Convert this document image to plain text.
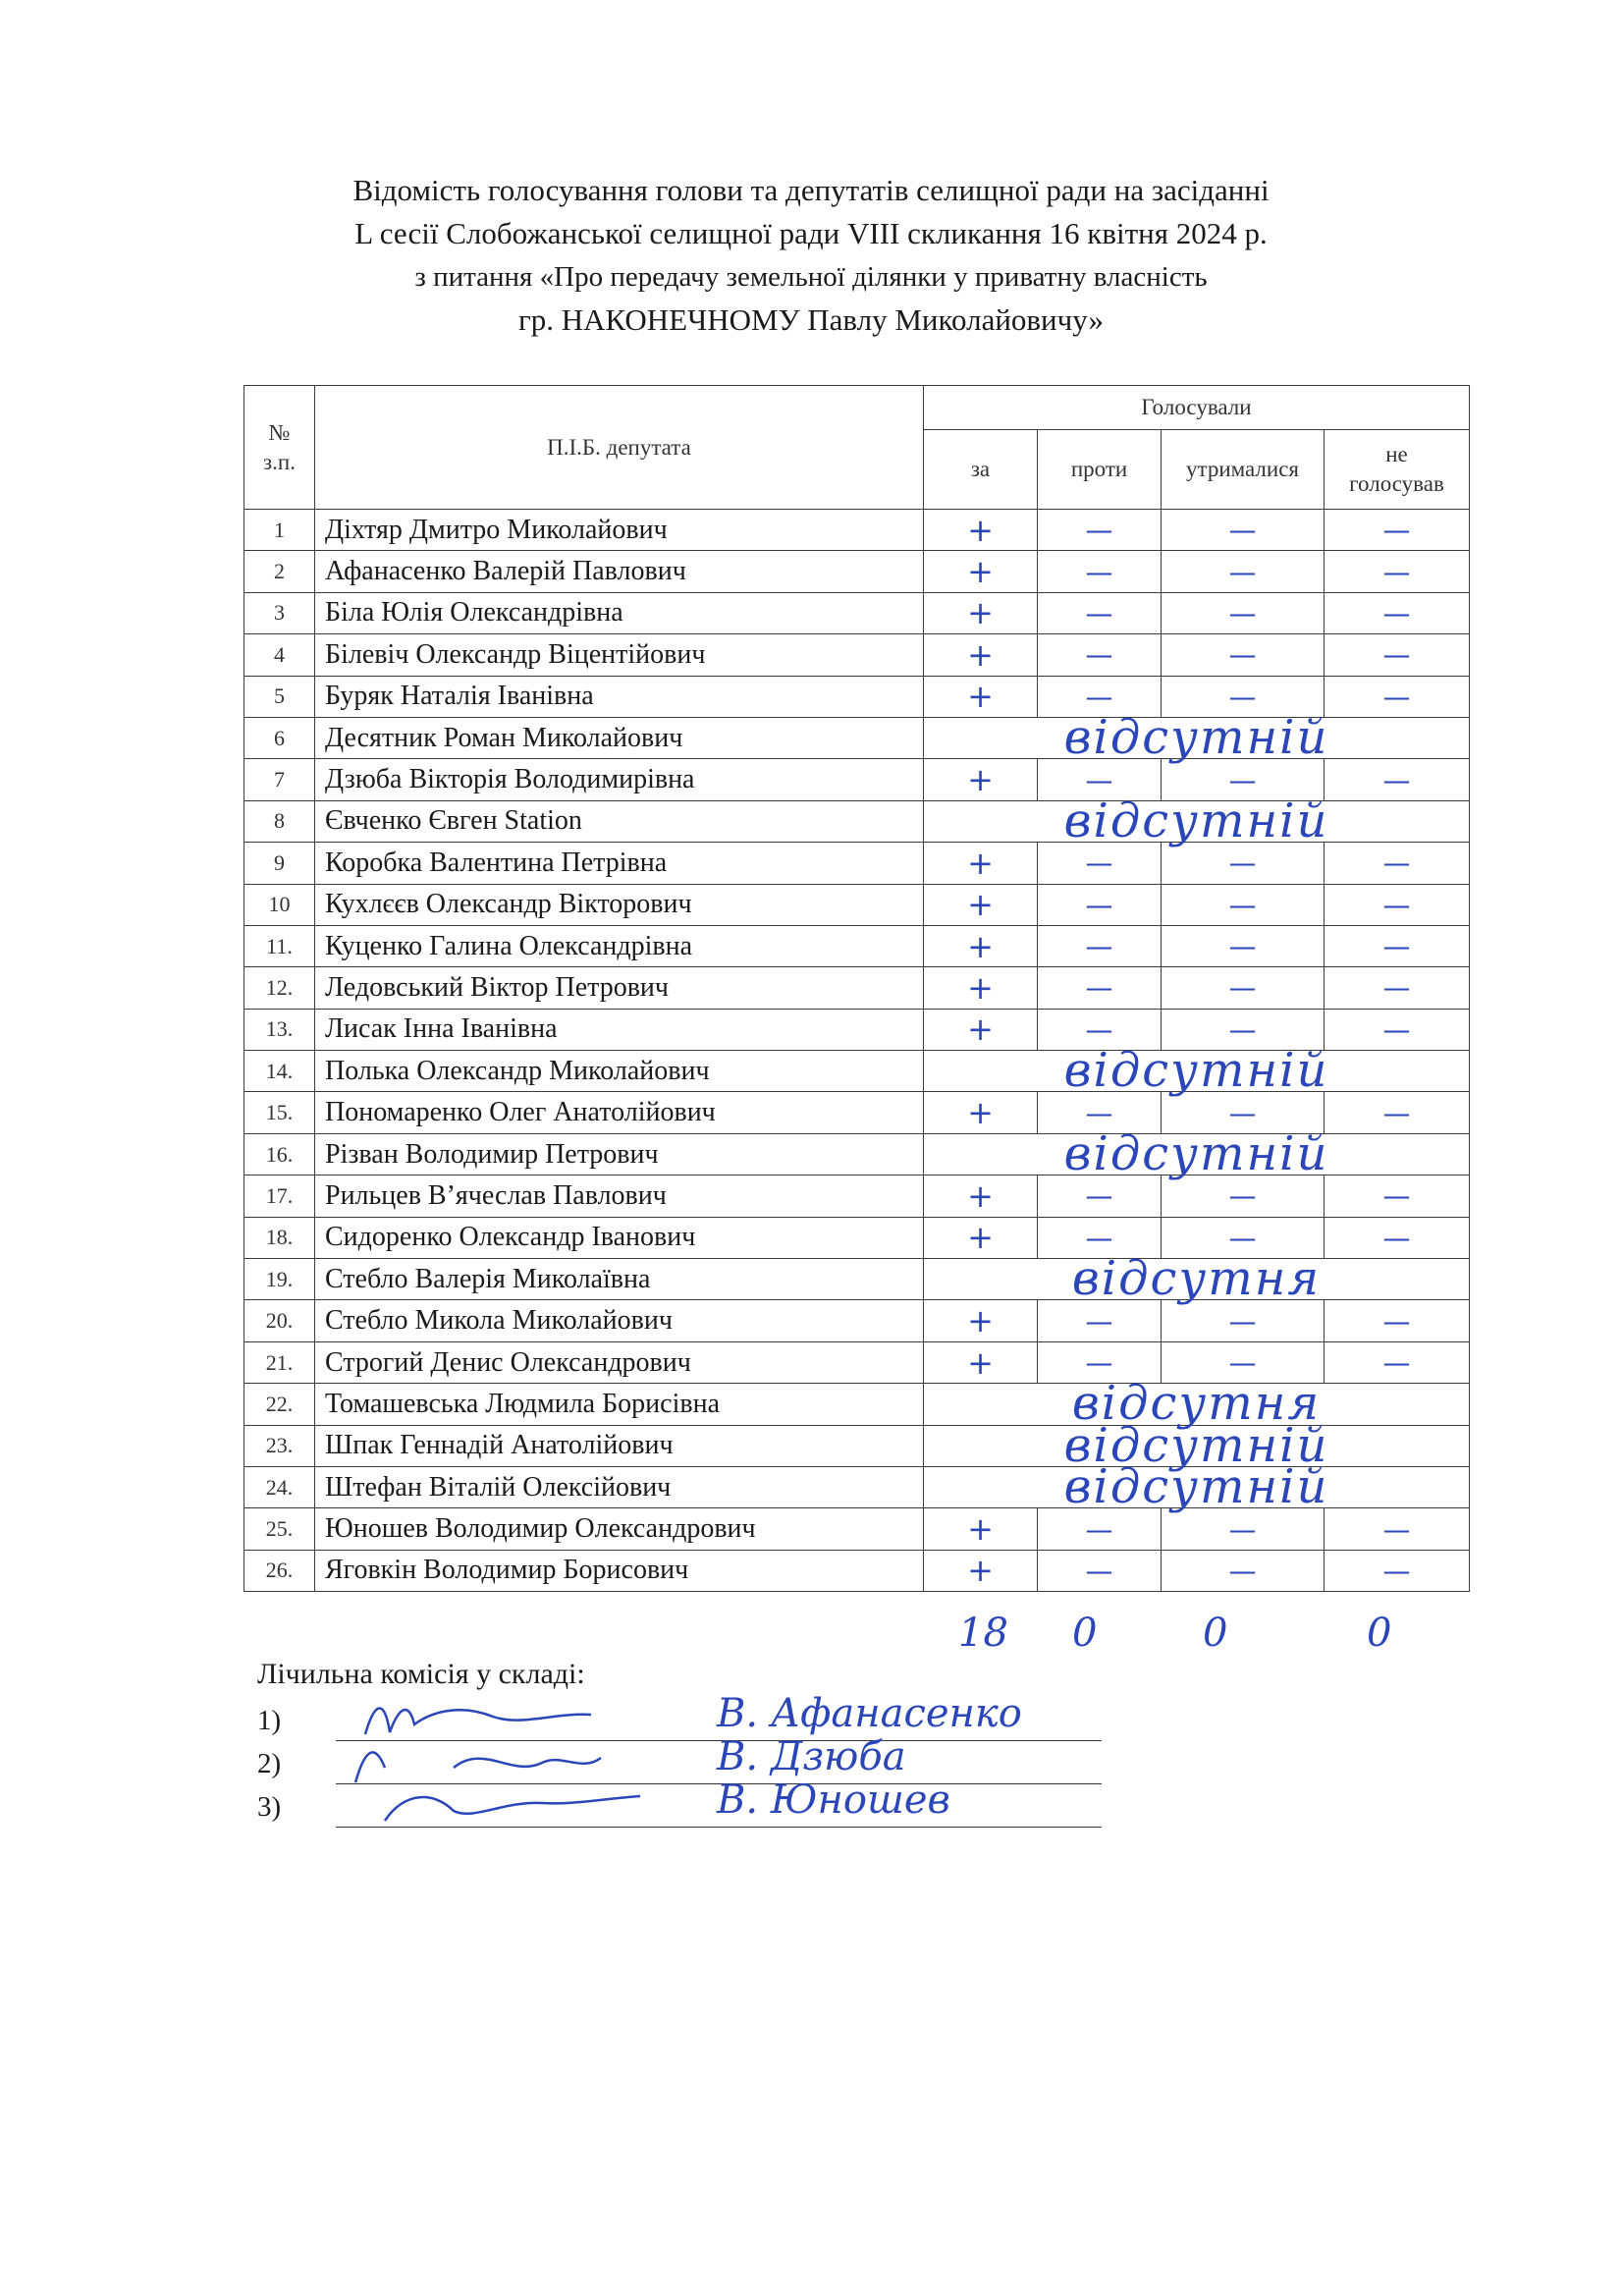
Відомість голосування голови та депутатів селищної ради на засіданні
L сесії Слобожанської селищної ради VIII скликання 16 квітня 2024 р.
з питання «Про передачу земельної ділянки у приватну власність
гр. НАКОНЕЧНОМУ Павлу Миколайовичу»
№ з.п.	П.І.Б. депутата	Голосували			
		за	проти	утрималися	не голосував
1	Діхтяр Дмитро Миколайович	+	—	—	—
2	Афанасенко Валерій Павлович	+	—	—	—
3	Біла Юлія Олександрівна	+	—	—	—
4	Білевіч Олександр Віцентійович	+	—	—	—
5	Буряк Наталія Іванівна	+	—	—	—
6	Десятник Роман Миколайович	відсутній			

7	Дзюба Вікторія Володимирівна	+	—	—	—
8	Євченко Євген Station	відсутній			

9	Коробка Валентина Петрівна	+	—	—	—
10	Кухлєєв Олександр Вікторович	+	—	—	—
11.	Куценко Галина Олександрівна	+	—	—	—
12.	Ледовський Віктор Петрович	+	—	—	—
13.	Лисак Інна Іванівна	+	—	—	—
14.	Полька Олександр Миколайович	відсутній			

15.	Пономаренко Олег Анатолійович	+	—	—	—
16.	Різван Володимир Петрович	відсутній			

17.	Рильцев В’ячеслав Павлович	+	—	—	—
18.	Сидоренко Олександр Іванович	+	—	—	—
19.	Стебло Валерія Миколаївна	відсутня			

20.	Стебло Микола Миколайович	+	—	—	—
21.	Строгий Денис Олександрович	+	—	—	—
22.	Томашевська Людмила Борисівна	відсутня			

23.	Шпак Геннадій Анатолійович	відсутній			

24.	Штефан Віталій Олексійович	відсутній			

25.	Юношев Володимир Олександрович	+	—	—	—
26.	Яговкін Володимир Борисович	+	—	—	—
18 0	0	0
Лічильна комісія у складі:
1)	В. Афанасенко
2)	В. Дзюба
3)	В. Юношев
